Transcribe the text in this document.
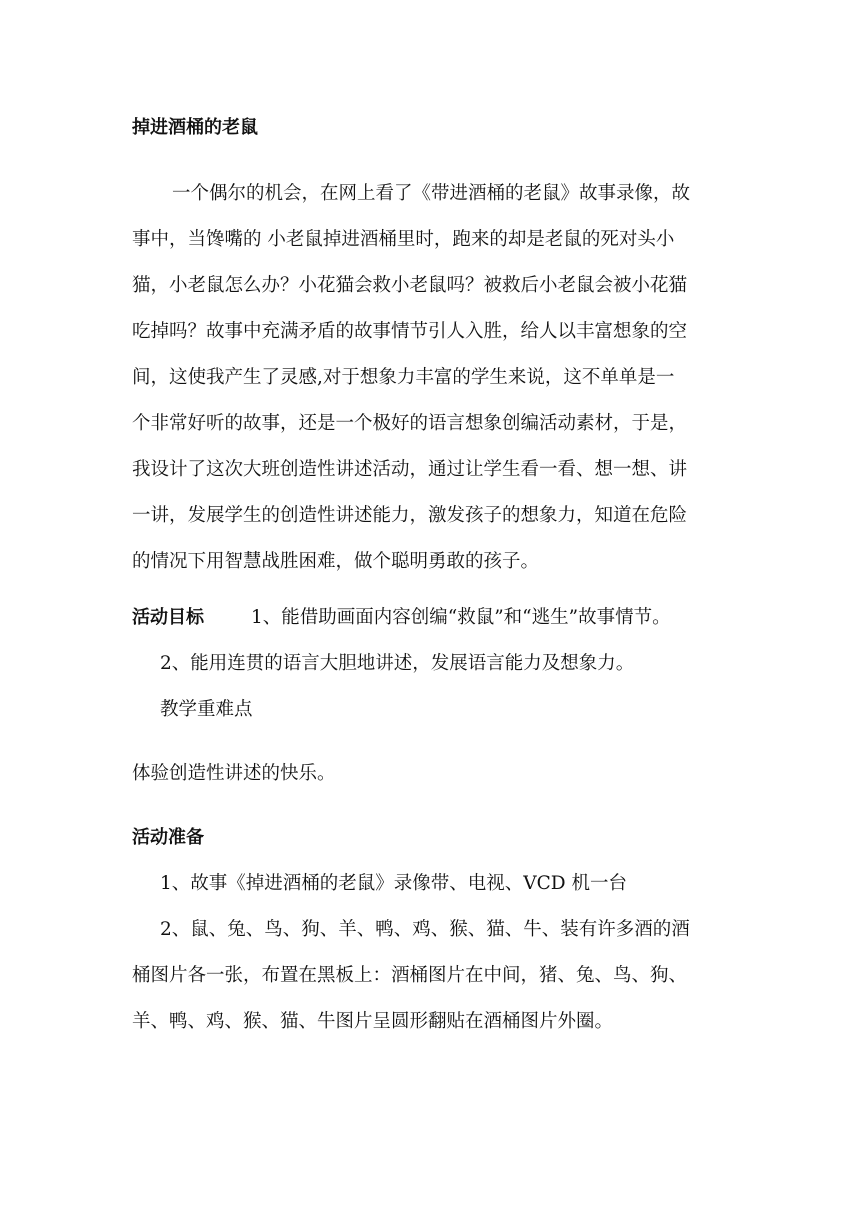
掉进酒桶的老鼠
一个偶尔的机会，在网上看了《带进酒桶的老鼠》故事录像，故
事中，当馋嘴的 小老鼠掉进酒桶里时，跑来的却是老鼠的死对头小
猫，小老鼠怎么办？小花猫会救小老鼠吗？被救后小老鼠会被小花猫
吃掉吗？故事中充满矛盾的故事情节引人入胜，给人以丰富想象的空
间，这使我产生了灵感,对于想象力丰富的学生来说，这不单单是一
个非常好听的故事，还是一个极好的语言想象创编活动素材，于是，
我设计了这次大班创造性讲述活动，通过让学生看一看、想一想、讲
一讲，发展学生的创造性讲述能力，激发孩子的想象力，知道在危险
的情况下用智慧战胜困难，做个聪明勇敢的孩子。
活动目标	1、能借助画面内容创编“救鼠”和“逃生”故事情节。
2、能用连贯的语言大胆地讲述，发展语言能力及想象力。
教学重难点
体验创造性讲述的快乐。
活动准备
1、故事《掉进酒桶的老鼠》录像带、电视、VCD 机一台
2、鼠、兔、鸟、狗、羊、鸭、鸡、猴、猫、牛、装有许多酒的酒
桶图片各一张，布置在黑板上：酒桶图片在中间，猪、兔、鸟、狗、
羊、鸭、鸡、猴、猫、牛图片呈圆形翻贴在酒桶图片外圈。
